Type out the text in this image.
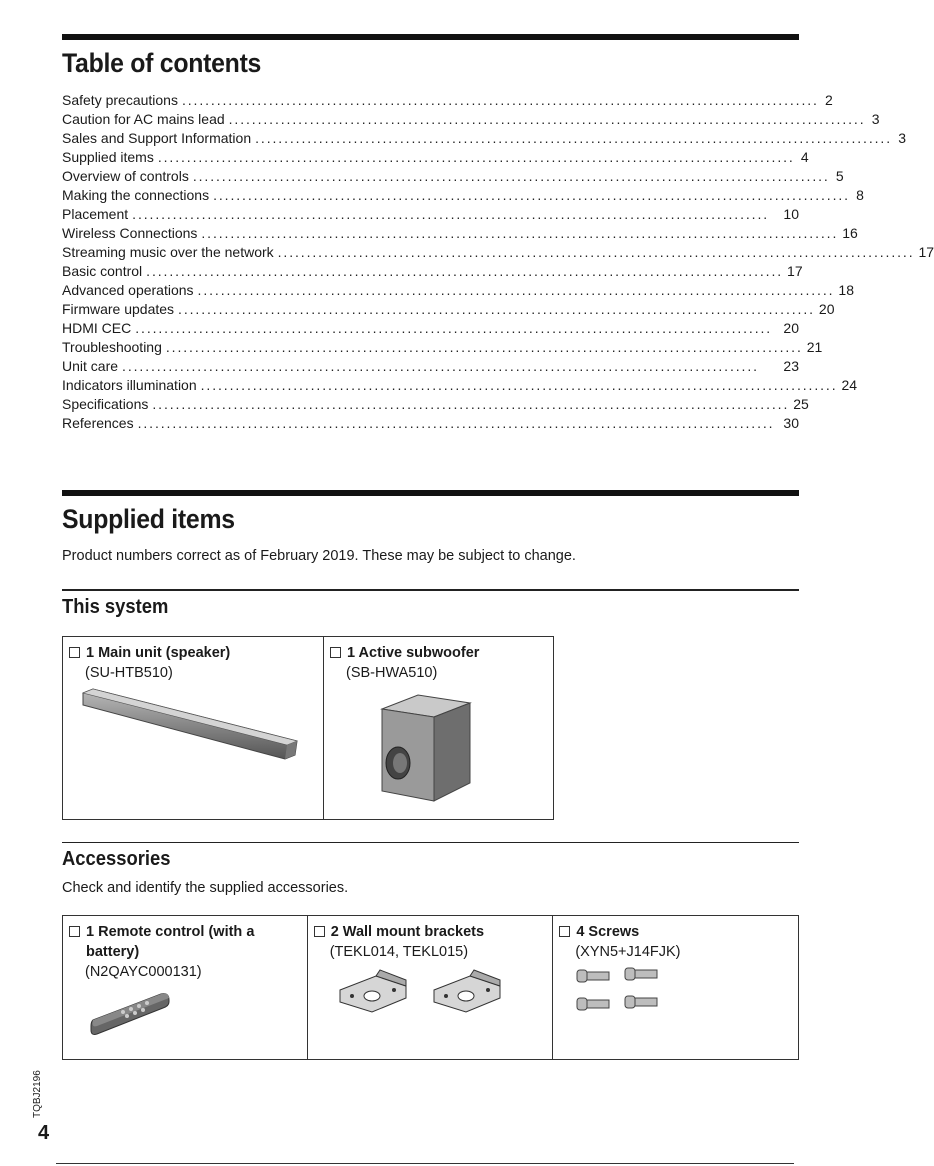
Table of contents
Safety precautions .............................................................................................................. 2
Caution for AC mains lead .............................................................................................................. 3
Sales and Support Information .............................................................................................................. 3
Supplied items .............................................................................................................. 4
Overview of controls .............................................................................................................. 5
Making the connections .............................................................................................................. 8
Placement ..............................................................................................................	10
Wireless Connections .............................................................................................................. 16
Streaming music over the network .............................................................................................................. 17
Basic control .............................................................................................................. 17
Advanced operations .............................................................................................................. 18
Firmware updates .............................................................................................................. 20
HDMI CEC .............................................................................................................. 20
Troubleshooting .............................................................................................................. 21
Unit care ..............................................................................................................	23
Indicators illumination .............................................................................................................. 24
Specifications .............................................................................................................. 25
References .............................................................................................................. 30
Supplied items
Product numbers correct as of February 2019. These may be subject to change.
This system
1 Main unit (speaker)
(SU-HTB510)

1 Active subwoofer
(SB-HWA510)
Accessories
Check and identify the supplied accessories.
1 Remote control (with a battery)
(N2QAYC000131)

2 Wall mount brackets
(TEKL014, TEKL015)

4 Screws
(XYN5+J14FJK)
TQBJ2196
4
